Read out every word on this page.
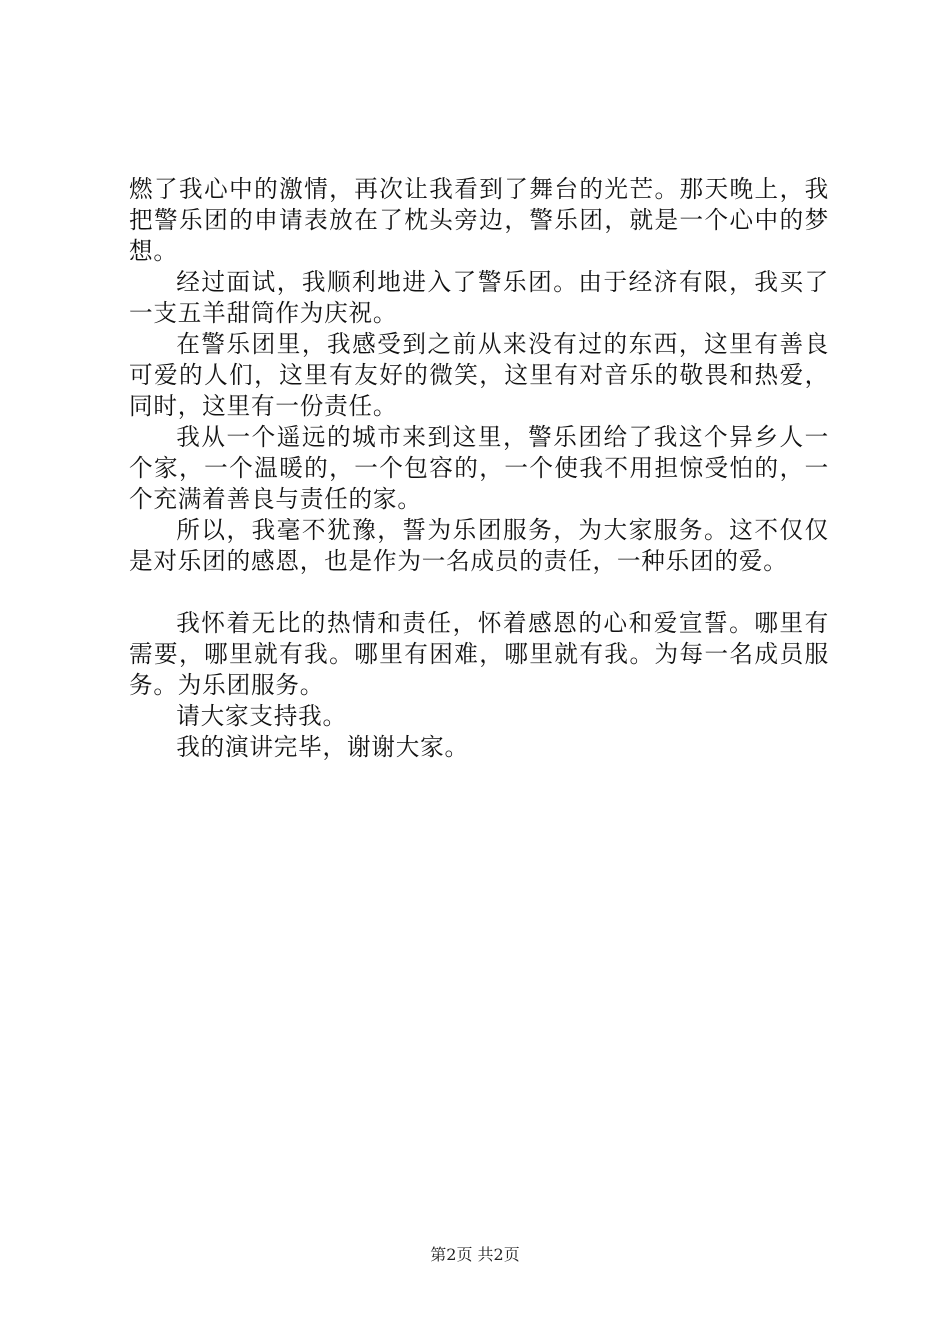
燃了我心中的激情，再次让我看到了舞台的光芒。那天晚上，我把警乐团的申请表放在了枕头旁边，警乐团，就是一个心中的梦想。

经过面试，我顺利地进入了警乐团。由于经济有限，我买了一支五羊甜筒作为庆祝。

在警乐团里，我感受到之前从来没有过的东西，这里有善良可爱的人们，这里有友好的微笑，这里有对音乐的敬畏和热爱，同时，这里有一份责任。

我从一个遥远的城市来到这里，警乐团给了我这个异乡人一个家，一个温暖的，一个包容的，一个使我不用担惊受怕的，一个充满着善良与责任的家。

所以，我毫不犹豫，誓为乐团服务，为大家服务。这不仅仅是对乐团的感恩，也是作为一名成员的责任，一种乐团的爱。

我怀着无比的热情和责任，怀着感恩的心和爱宣誓。哪里有需要，哪里就有我。哪里有困难，哪里就有我。为每一名成员服务。为乐团服务。

请大家支持我。

我的演讲完毕，谢谢大家。

第2页 共2页
